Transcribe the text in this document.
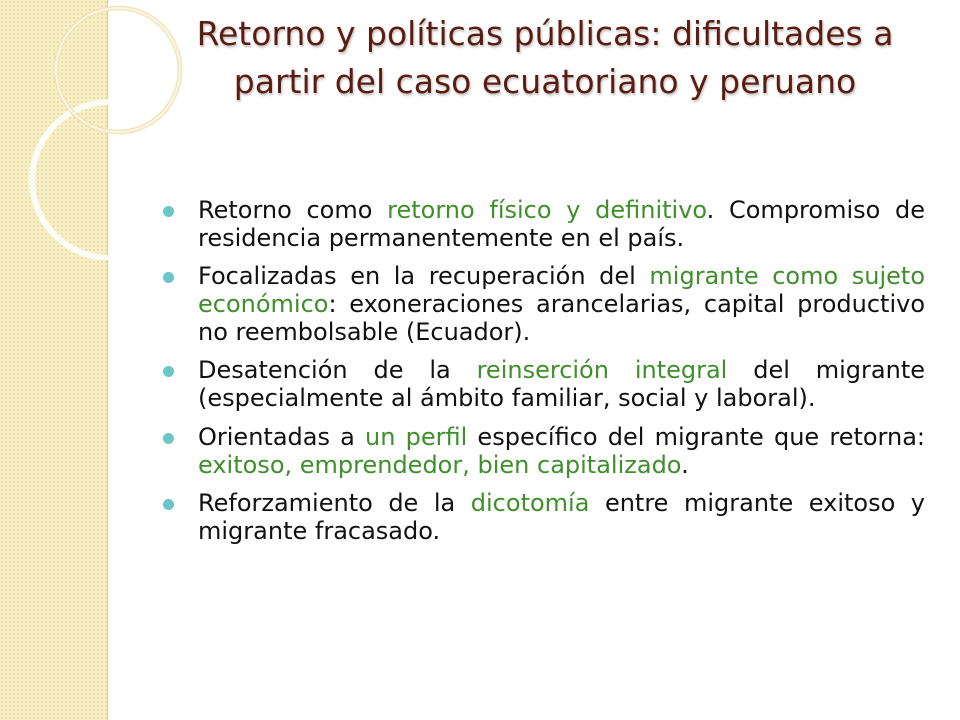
Retorno y políticas públicas: dificultades a partir del caso ecuatoriano y peruano
Retorno como retorno físico y definitivo. Compromiso de residencia permanentemente en el país.
Focalizadas en la recuperación del migrante como sujeto económico: exoneraciones arancelarias, capital productivo no reembolsable (Ecuador).
Desatención de la reinserción integral del migrante (especialmente al ámbito familiar, social y laboral).
Orientadas a un perfil específico del migrante que retorna: exitoso, emprendedor, bien capitalizado.
Reforzamiento de la dicotomía entre migrante exitoso y migrante fracasado.
